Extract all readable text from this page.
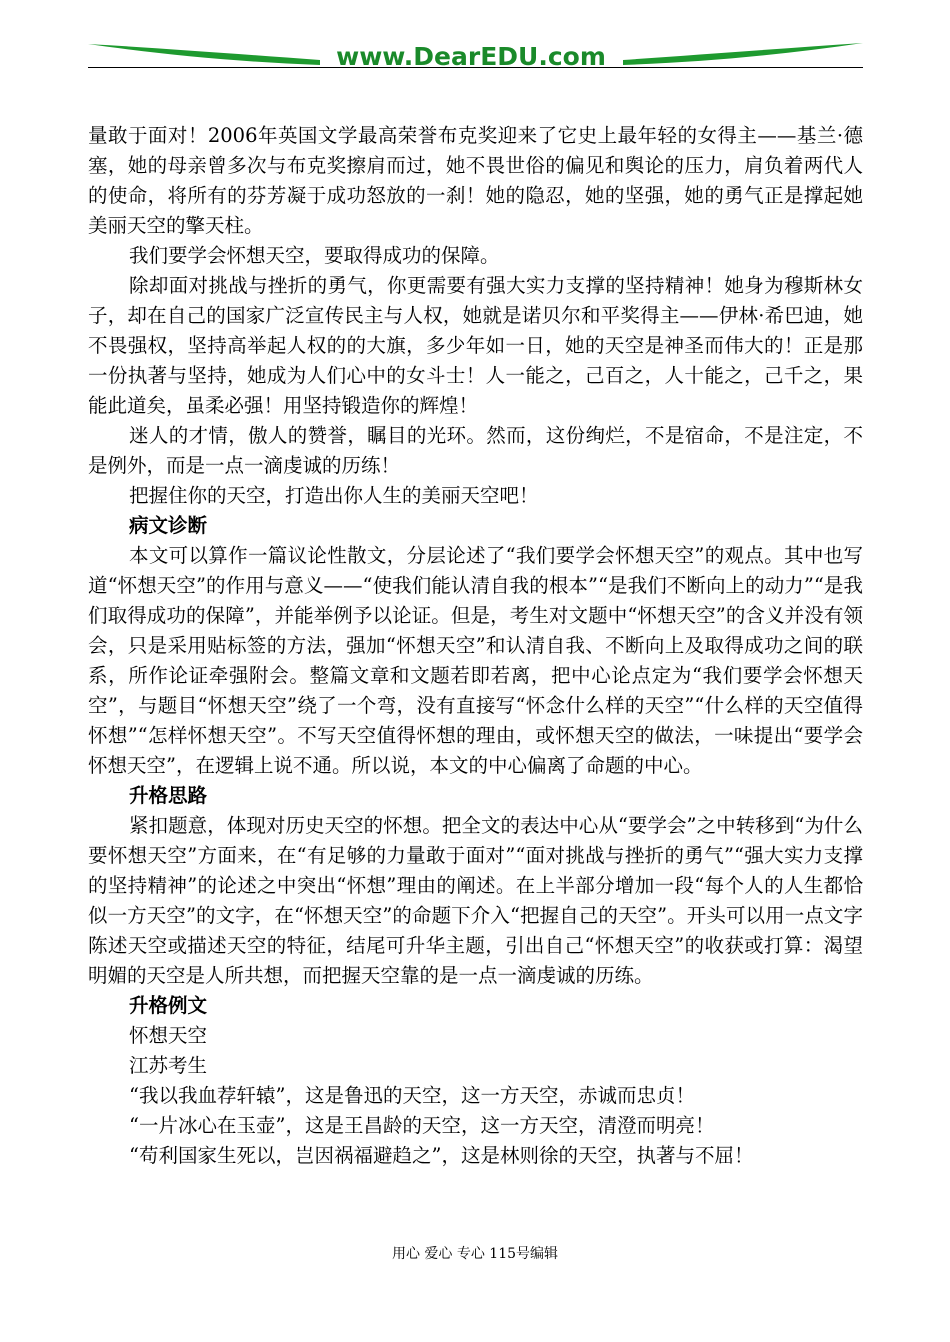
www.DearEDU.com

量敢于面对！2006年英国文学最高荣誉布克奖迎来了它史上最年轻的女得主——基兰·德塞，她的母亲曾多次与布克奖擦肩而过，她不畏世俗的偏见和舆论的压力，肩负着两代人的使命，将所有的芬芳凝于成功怒放的一刹！她的隐忍，她的坚强，她的勇气正是撑起她美丽天空的擎天柱。

我们要学会怀想天空，要取得成功的保障。

除却面对挑战与挫折的勇气，你更需要有强大实力支撑的坚持精神！她身为穆斯林女子，却在自己的国家广泛宣传民主与人权，她就是诺贝尔和平奖得主——伊林·希巴迪，她不畏强权，坚持高举起人权的的大旗，多少年如一日，她的天空是神圣而伟大的！正是那一份执著与坚持，她成为人们心中的女斗士！人一能之，己百之，人十能之，己千之，果能此道矣，虽柔必强！用坚持锻造你的辉煌！

迷人的才情，傲人的赞誉，瞩目的光环。然而，这份绚烂，不是宿命，不是注定，不是例外，而是一点一滴虔诚的历练！

把握住你的天空，打造出你人生的美丽天空吧！

病文诊断

本文可以算作一篇议论性散文，分层论述了“我们要学会怀想天空”的观点。其中也写道“怀想天空”的作用与意义——“使我们能认清自我的根本”“是我们不断向上的动力”“是我们取得成功的保障”，并能举例予以论证。但是，考生对文题中“怀想天空”的含义并没有领会，只是采用贴标签的方法，强加“怀想天空”和认清自我、不断向上及取得成功之间的联系，所作论证牵强附会。整篇文章和文题若即若离，把中心论点定为“我们要学会怀想天空”，与题目“怀想天空”绕了一个弯，没有直接写“怀念什么样的天空”“什么样的天空值得怀想”“怎样怀想天空”。不写天空值得怀想的理由，或怀想天空的做法，一味提出“要学会怀想天空”，在逻辑上说不通。所以说，本文的中心偏离了命题的中心。

升格思路

紧扣题意，体现对历史天空的怀想。把全文的表达中心从“要学会”之中转移到“为什么要怀想天空”方面来，在“有足够的力量敢于面对”“面对挑战与挫折的勇气”“强大实力支撑的坚持精神”的论述之中突出“怀想”理由的阐述。在上半部分增加一段“每个人的人生都恰似一方天空”的文字，在“怀想天空”的命题下介入“把握自己的天空”。开头可以用一点文字陈述天空或描述天空的特征，结尾可升华主题，引出自己“怀想天空”的收获或打算：渴望明媚的天空是人所共想，而把握天空靠的是一点一滴虔诚的历练。

升格例文

怀想天空

江苏考生

“我以我血荐轩辕”，这是鲁迅的天空，这一方天空，赤诚而忠贞！

“一片冰心在玉壶”，这是王昌龄的天空，这一方天空，清澄而明亮！

“苟利国家生死以，岂因祸福避趋之”，这是林则徐的天空，执著与不屈！

用心 爱心 专心 115号编辑
